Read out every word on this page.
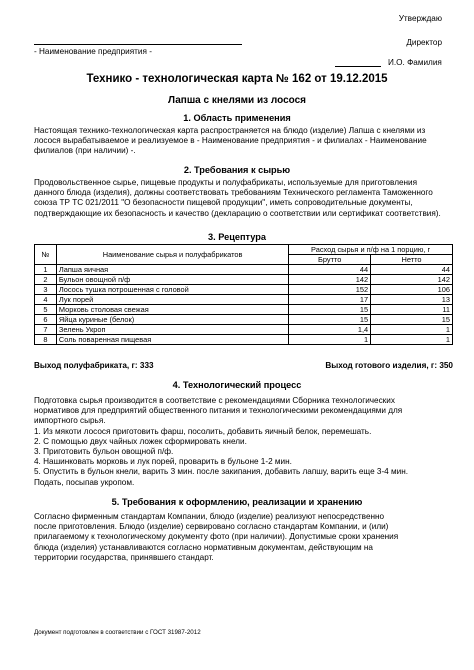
Утверждаю
Директор
И.О. Фамилия
- Наименование предприятия -
Технико - технологическая карта № 162 от 19.12.2015
Лапша с кнелями из лосося
1. Область применения
Настоящая технико-технологическая карта распространяется на блюдо (изделие) Лапша с кнелями из лосося вырабатываемое и реализуемое в - Наименование предприятия - и филиалах - Наименование филиалов (при наличии) -.
2. Требования к сырью
Продовольственное сырье, пищевые продукты и полуфабрикаты, используемые для приготовления данного блюда (изделия), должны соответствовать требованиям Технического регламента Таможенного союза ТР ТС 021/2011 "О безопасности пищевой продукции", иметь сопроводительные документы, подтверждающие их безопасность и качество (декларацию о соответствии или сертификат соответствия).
3. Рецептура
№	Наименование сырья и полуфабрикатов	Расход сырья и п/ф на 1 порцию, г	
		Брутто	Нетто
1	Лапша яичная	44	44
2	Бульон овощной п/ф	142	142
3	Лосось тушка потрошенная с головой	152	106
4	Лук порей	17	13
5	Морковь столовая свежая	15	11
6	Яйца куриные (белок)	15	15
7	Зелень Укроп	1,4	1
8	Соль поваренная пищевая	1	1
Выход полуфабриката, г: 333	Выход готового изделия, г: 350
4. Технологический процесс
Подготовка сырья производится в соответствие с рекомендациями Сборника технологических
нормативов для предприятий общественного питания и технологическими рекомендациями для
импортного сырья.
1. Из мякоти лосося приготовить фарш, посолить, добавить яичный белок, перемешать.
2. С помощью двух чайных ложек сформировать кнели.
3. Приготовить бульон овощной п/ф.
4. Нашинковать морковь и лук порей, проварить в бульоне 1-2 мин.
5. Опустить в бульон кнели, варить 3 мин. после закипания, добавить лапшу, варить еще 3-4 мин.
Подать, посыпав укропом.
5. Требования к оформлению, реализации и хранению
Согласно фирменным стандартам Компании, блюдо (изделие) реализуют непосредственно
после приготовления. Блюдо (изделие) сервировано согласно стандартам Компании, и (или)
прилагаемому к технологическому документу фото (при наличии). Допустимые сроки хранения
блюда (изделия) устанавливаются согласно нормативным документам, действующим на
территории государства, принявшего стандарт.
Документ подготовлен в соответствии с ГОСТ 31987-2012
